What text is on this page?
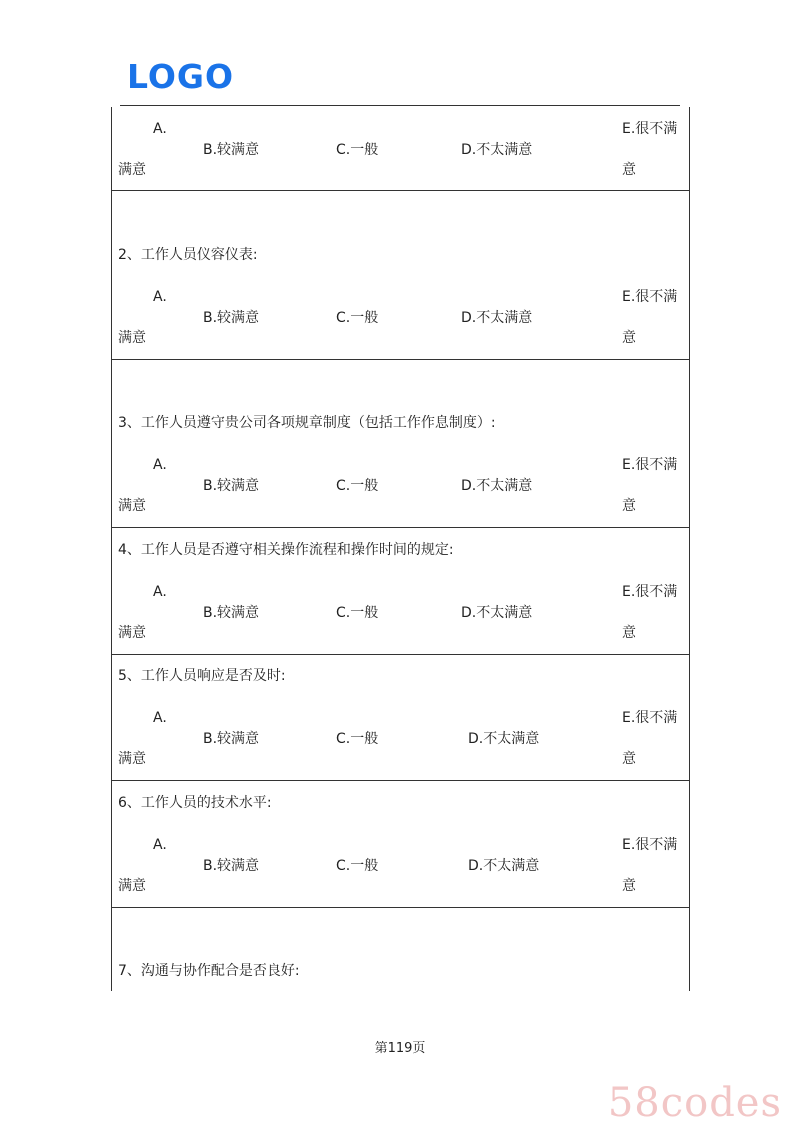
LOGO
A.
B.较满意	C.一般	D.不太满意
E.很不满
满意	意
2、工作人员仪容仪表:
A.
B.较满意	C.一般	D.不太满意
E.很不满
满意	意
3、工作人员遵守贵公司各项规章制度（包括工作作息制度）:
A.
B.较满意	C.一般	D.不太满意
E.很不满
满意	意
4、工作人员是否遵守相关操作流程和操作时间的规定:
A.
B.较满意	C.一般	D.不太满意
E.很不满
满意	意
5、工作人员响应是否及时:
A.
B.较满意	C.一般	D.不太满意
E.很不满
满意	意
6、工作人员的技术水平:
A.
B.较满意	C.一般	D.不太满意
E.很不满
满意	意
7、沟通与协作配合是否良好:
第119页
58codes
